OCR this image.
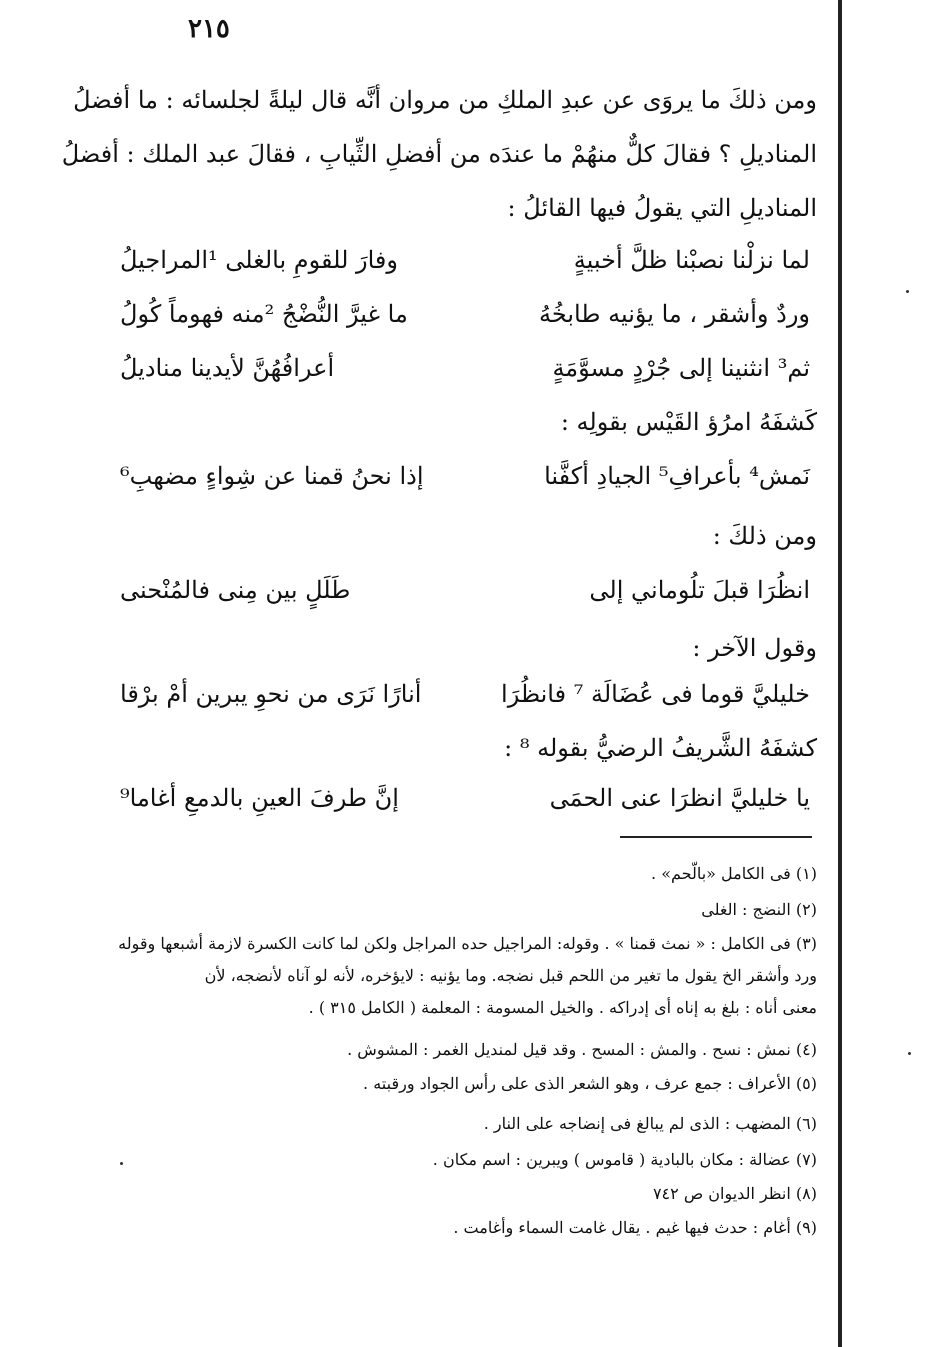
٢١٥
ومن ذلكَ ما يروَى عن عبدِ الملكِ من مروان أنَّه قال ليلةً لجلسائه : ما أفضلُ
المناديلِ ؟ فقالَ كلٌّ منهُمْ ما عندَه من أفضلِ الثِّيابِ ، فقالَ عبد الملك : أفضلُ
المناديلِ التي يقولُ فيها القائلُ :
لما نزلْنا نصبْنا ظلَّ أخبيةٍ
وفارَ للقومِ بالغلى ¹المراجيلُ
وردٌ وأشقر ، ما يؤنيه طابخُهُ
ما غيرَّ النُّضْجُ ²منه فهوماً كُولُ
ثم³ انثنينا إلى جُرْدٍ مسوَّمَةٍ
أعرافُهُنَّ لأيدينا مناديلُ
كَشفَهُ امرُؤ القَيْس بقولِه :
نَمش⁴ بأعرافِ⁵ الجيادِ أكفَّنا
إذا نحنُ قمنا عن شِواءٍ مضهبِ⁶
ومن ذلكَ :
انظُرَا قبلَ تلُوماني إلى
طَلَلٍ بين مِنى فالمُنْحنى
وقول الآخر :
خليليَّ قوما فى عُضَالَة ⁷ فانظُرَا
أنارًا نَرَى من نحوِ يبرين أمْ برْقا
كشفَهُ الشَّريفُ الرضيُّ بقوله ⁸ :
يا خليليَّ انظرَا عنى الحمَى
إنَّ طرفَ العينِ بالدمعِ أغاما⁹
(١) فى الكامل «بالّحم» .
(٢) النضج : الغلى
(٣) فى الكامل : « نمث قمنا » . وقوله: المراجيل حده المراجل ولكن لما كانت الكسرة لازمة أشبعها وقوله
ورد وأشقر الخ يقول ما تغير من اللحم قبل نضجه. وما يؤنيه : لايؤخره، لأنه لو آناه لأنضجه، لأن
معنى أناه : بلغ به إناه أى إدراكه . والخيل المسومة : المعلمة ( الكامل ٣١٥ ) .
(٤) نمش : نسح . والمش : المسح . وقد قيل لمنديل الغمر : المشوش .
(٥) الأعراف : جمع عرف ، وهو الشعر الذى على رأس الجواد ورقبته .
(٦) المضهب : الذى لم يبالغ فى إنضاجه على النار .
(٧) عضالة : مكان بالبادية ( قاموس ) ويبرين : اسم مكان .
(٨) انظر الديوان ص ٧٤٢
(٩) أغام : حدث فيها غيم . يقال غامت السماء وأغامت .
